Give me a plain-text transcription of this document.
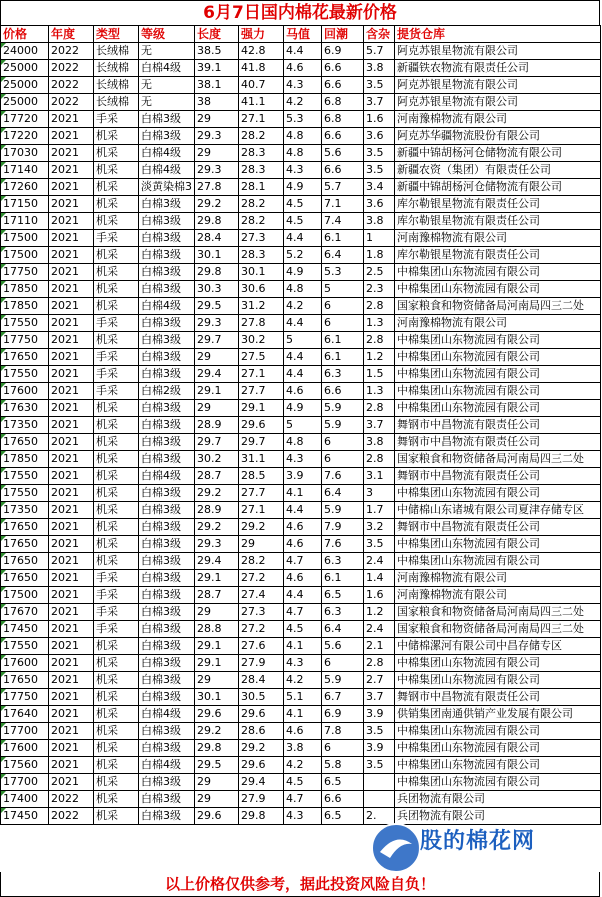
6月7日国内棉花最新价格
价格	年度	类型	等级	长度	强力	马值	回潮	含杂	提货仓库
24000	2022	长绒棉	无	38.5	42.8	4.4	6.9	5.7	阿克苏银星物流有限公司
25000	2022	长绒棉	白棉4级	39.1	41.8	4.6	6.6	3.8	新疆铁农物流有限责任公司
25000	2022	长绒棉	无	38.1	40.7	4.3	6.6	3.5	阿克苏银星物流有限公司
25000	2022	长绒棉	无	38	41.1	4.2	6.8	3.7	阿克苏银星物流有限公司
17720	2021	手采	白棉3级	29	27.1	5.3	6.8	1.6	河南豫棉物流有限公司
17220	2021	机采	白棉3级	29.3	28.2	4.8	6.6	3.6	阿克苏华疆物流股份有限公司
17030	2021	机采	白棉4级	29	28.3	4.8	5.6	3.5	新疆中锦胡杨河仓储物流有限公司
17140	2021	机采	白棉4级	29.3	28.3	4.3	6.6	3.5	新疆农资（集团）有限责任公司
17260	2021	机采	淡黄染棉3	27.8	28.1	4.9	5.7	3.4	新疆中锦胡杨河仓储物流有限公司
17150	2021	机采	白棉3级	29.2	28.2	4.5	7.1	3.6	库尔勒银星物流有限责任公司
17110	2021	机采	白棉3级	29.8	28.2	4.5	7.4	3.8	库尔勒银星物流有限责任公司
17500	2021	手采	白棉3级	28.4	27.3	4.4	6.1	1	河南豫棉物流有限公司
17500	2021	机采	白棉3级	30.1	28.3	5.2	6.4	1.8	库尔勒银星物流有限责任公司
17750	2021	机采	白棉3级	29.8	30.1	4.9	5.3	2.5	中棉集团山东物流园有限公司
17850	2021	机采	白棉3级	30.3	30.6	4.8	5	2.3	中棉集团山东物流园有限公司
17850	2021	机采	白棉4级	29.5	31.2	4.2	6	2.8	国家粮食和物资储备局河南局四三二处
17550	2021	手采	白棉3级	29.3	27.8	4.4	6	1.3	河南豫棉物流有限公司
17750	2021	机采	白棉3级	29.7	30.2	5	6.1	2.8	中棉集团山东物流园有限公司
17650	2021	手采	白棉3级	29	27.5	4.4	6.1	1.2	中棉集团山东物流园有限公司
17550	2021	手采	白棉3级	29.4	27.1	4.4	6.3	1.5	中棉集团山东物流园有限公司
17600	2021	手采	白棉2级	29.1	27.7	4.6	6.6	1.3	中棉集团山东物流园有限公司
17630	2021	机采	白棉3级	29	29.1	4.9	5.9	2.8	中棉集团山东物流园有限公司
17350	2021	机采	白棉3级	28.9	29.6	5	5.9	3.7	舞钢市中昌物流有限责任公司
17650	2021	机采	白棉3级	29.7	29.7	4.8	6	3.8	舞钢市中昌物流有限责任公司
17850	2021	机采	白棉3级	30.2	31.1	4.3	6	2.8	国家粮食和物资储备局河南局四三二处
17550	2021	机采	白棉4级	28.7	28.5	3.9	7.6	3.1	舞钢市中昌物流有限责任公司
17550	2021	机采	白棉3级	29.2	27.7	4.1	6.4	3	中棉集团山东物流园有限公司
17350	2021	机采	白棉3级	28.9	27.1	4.4	5.9	1.7	中储棉山东诸城有限公司夏津存储专区
17650	2021	机采	白棉3级	29.2	29.2	4.6	7.9	3.2	舞钢市中昌物流有限责任公司
17650	2021	机采	白棉3级	29.3	29	4.6	7.6	3.5	中棉集团山东物流园有限公司
17650	2021	机采	白棉3级	29.4	28.2	4.7	6.3	2.4	中棉集团山东物流园有限公司
17650	2021	手采	白棉3级	29.1	27.2	4.6	6.1	1.4	河南豫棉物流有限公司
17500	2021	手采	白棉3级	28.7	27.4	4.4	6.5	1.6	河南豫棉物流有限公司
17670	2021	手采	白棉3级	29	27.3	4.7	6.3	1.2	国家粮食和物资储备局河南局四三二处
17450	2021	手采	白棉3级	28.8	27.2	4.5	6.4	2.4	国家粮食和物资储备局河南局四三二处
17550	2021	机采	白棉3级	29.1	27.6	4.1	5.6	2.1	中储棉漯河有限公司中昌存储专区
17600	2021	机采	白棉3级	29.1	27.9	4.3	6	2.8	中棉集团山东物流园有限公司
17650	2021	机采	白棉3级	29	28.4	4.2	5.9	2.7	中棉集团山东物流园有限公司
17750	2021	机采	白棉3级	30.1	30.5	5.1	6.7	3.7	舞钢市中昌物流有限责任公司
17640	2021	机采	白棉4级	29.6	29.6	4.1	6.9	3.9	供销集团南通供销产业发展有限公司
17700	2021	机采	白棉3级	29.2	28.6	4.6	7.8	3.5	中棉集团山东物流园有限公司
17600	2021	机采	白棉3级	29.8	29.2	3.8	6	3.9	中棉集团山东物流园有限公司
17560	2021	机采	白棉4级	29.5	29.6	4.2	5.8	3.5	中棉集团山东物流园有限公司
17700	2021	机采	白棉3级	29	29.4	4.5	6.5		中棉集团山东物流园有限公司
17400	2022	机采	白棉3级	29	27.9	4.7	6.6		兵团物流有限公司
17450	2022	机采	白棉3级	29.6	29.8	4.3	6.5	2.	兵团物流有限公司
以上价格仅供参考，据此投资风险自负！
股的棉花网
